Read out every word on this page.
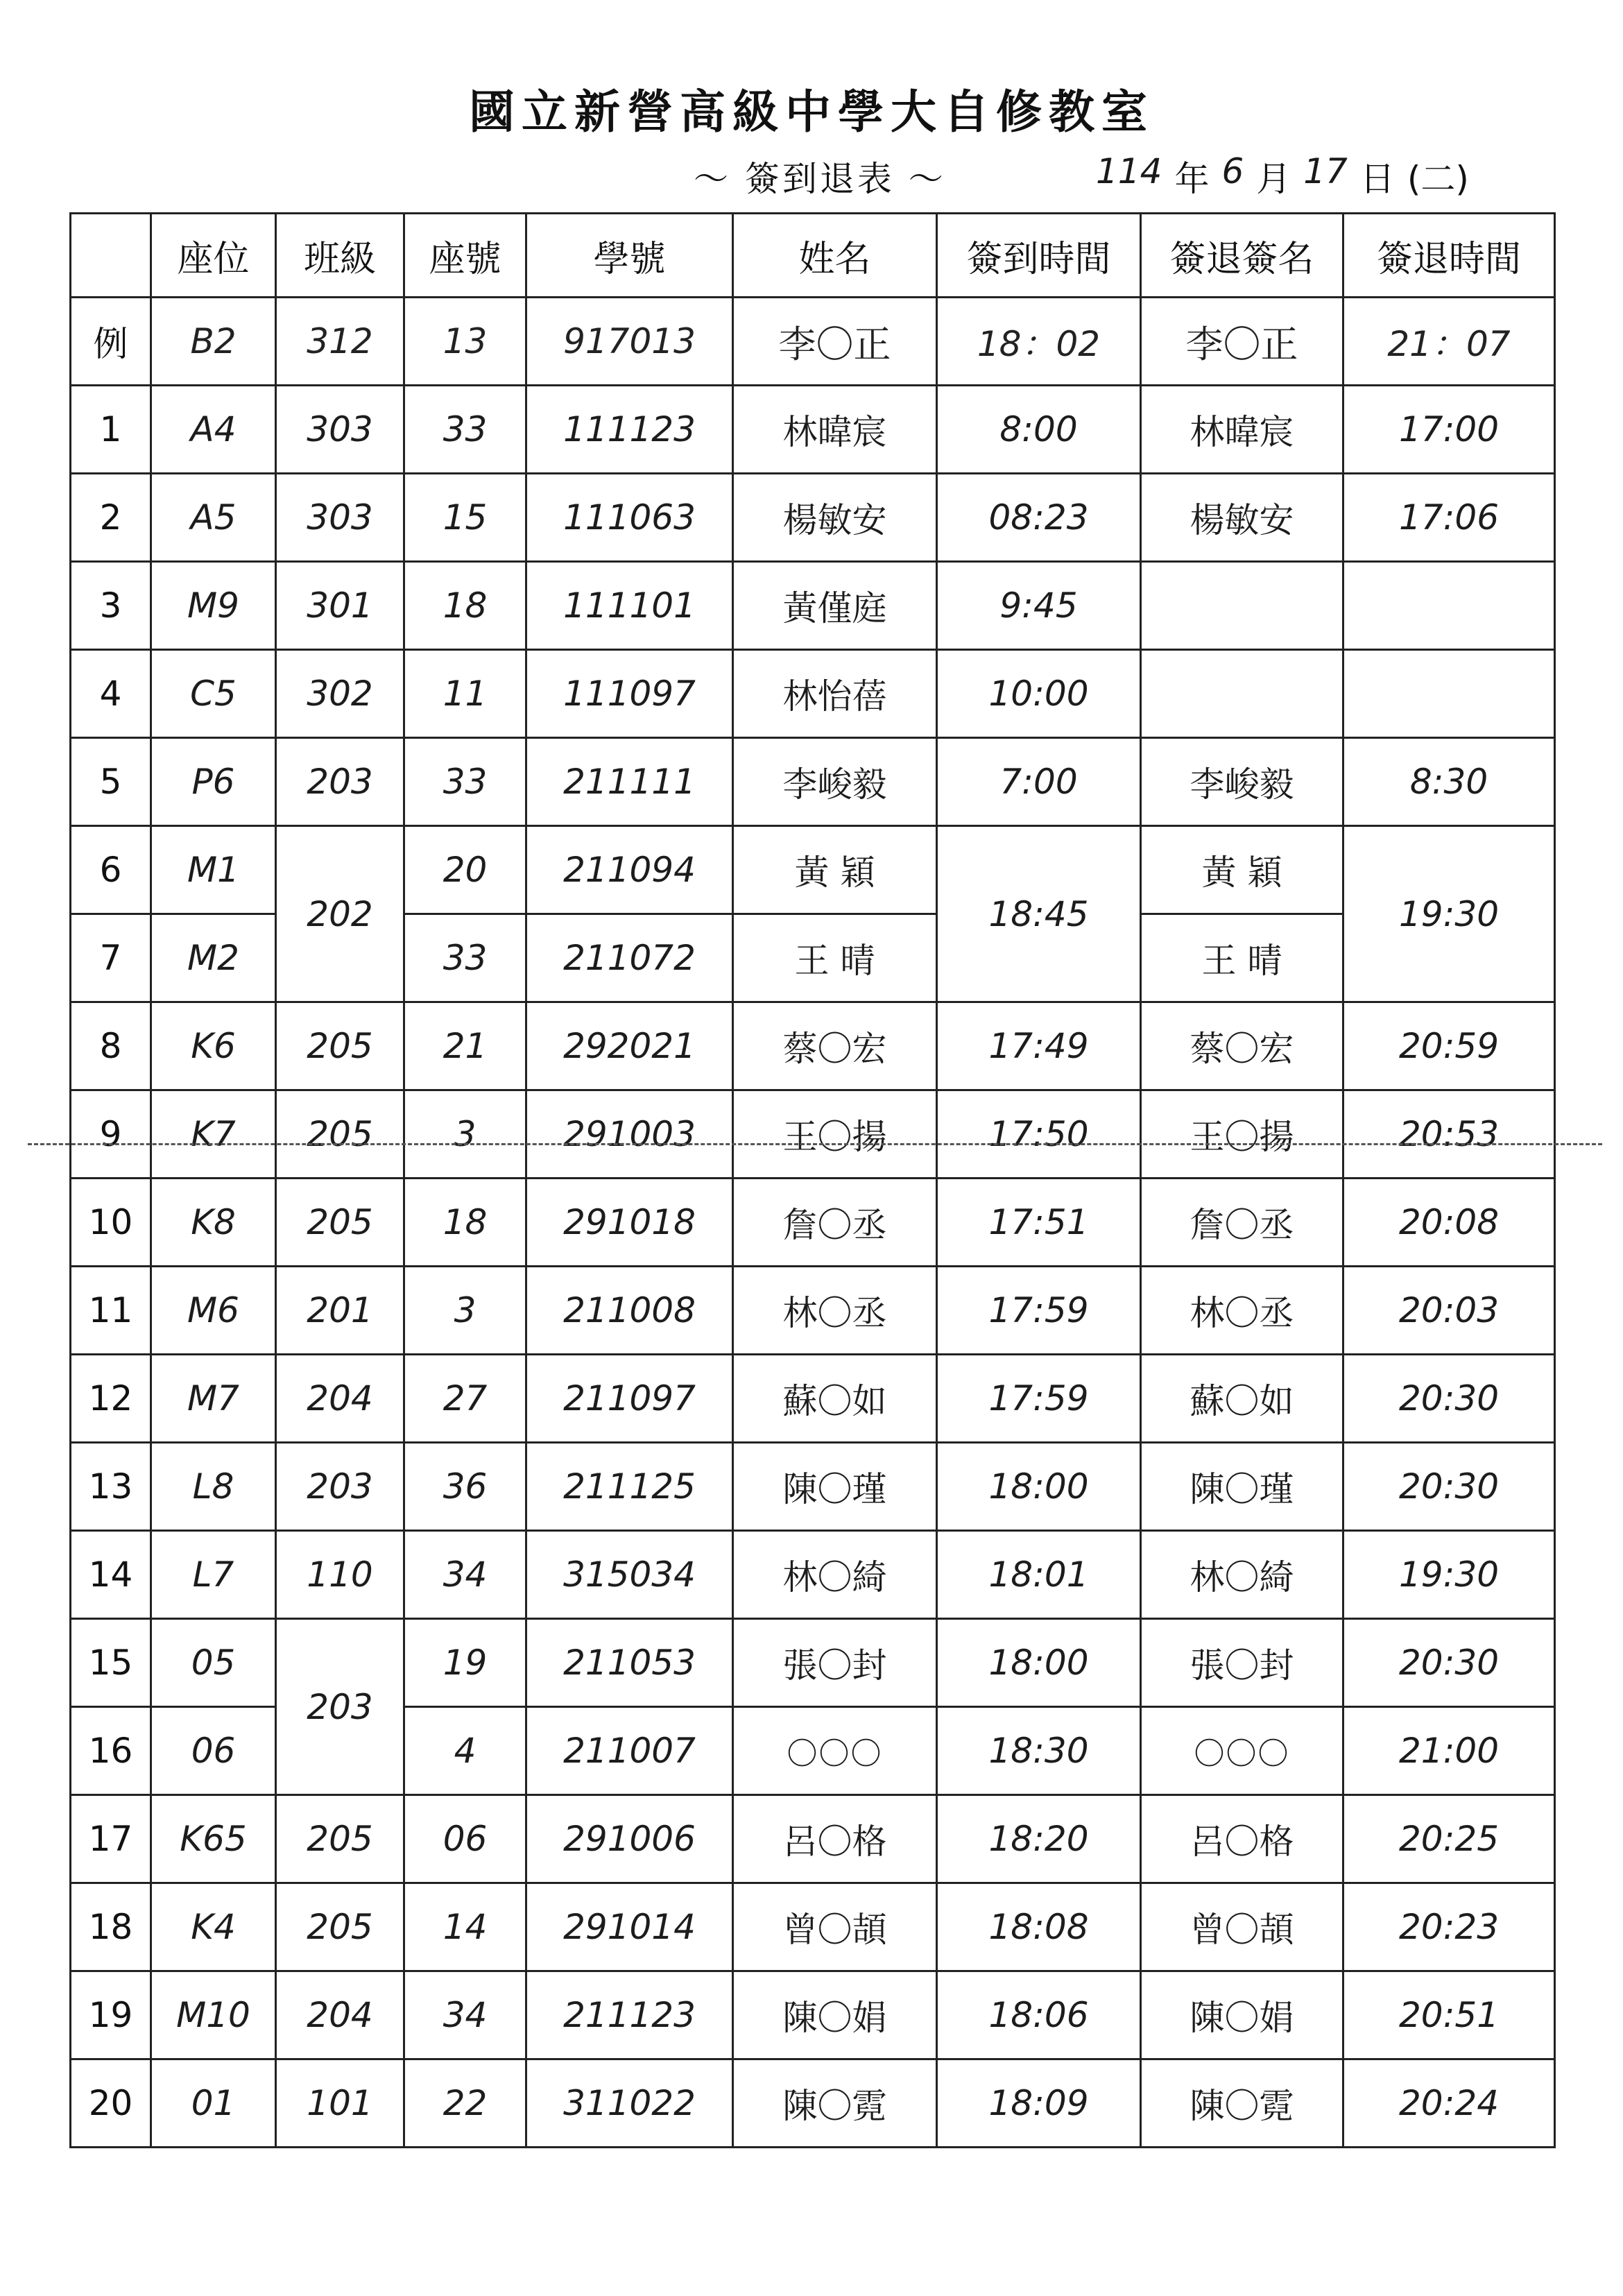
國立新營高級中學大自修教室
～ 簽到退表 ～	114 年 6 月 17 日 (二)
	座位	班級	座號	學號	姓名	簽到時間	簽退簽名	簽退時間
例	B2	312	13	917013	李〇正	18：02	李〇正	21：07
1	A4	303	33	111123	林暐宸	8:00	林暐宸	17:00
2	A5	303	15	111063	楊敏安	08:23	楊敏安	17:06
3	M9	301	18	111101	黃僅庭	9:45		
4	C5	302	11	111097	林怡蓓	10:00		
5	P6	203	33	211111	李峻毅	7:00	李峻毅	8:30
6	M1	202	20	211094	黃 穎	18:45	黃 穎	19:30
7	M2		33	211072	王 晴		王 晴	
8	K6	205	21	292021	蔡〇宏	17:49	蔡〇宏	20:59
9	K7	205	3	291003	王〇揚	17:50	王〇揚	20:53
10	K8	205	18	291018	詹〇丞	17:51	詹〇丞	20:08
11	M6	201	3	211008	林〇丞	17:59	林〇丞	20:03
12	M7	204	27	211097	蘇〇如	17:59	蘇〇如	20:30
13	L8	203	36	211125	陳〇瑾	18:00	陳〇瑾	20:30
14	L7	110	34	315034	林〇綺	18:01	林〇綺	19:30
15	05	203	19	211053	張〇封	18:00	張〇封	20:30
16	06		4	211007	〇〇〇	18:30	〇〇〇	21:00
17	K65	205	06	291006	呂〇格	18:20	呂〇格	20:25
18	K4	205	14	291014	曾〇頡	18:08	曾〇頡	20:23
19	M10	204	34	211123	陳〇娟	18:06	陳〇娟	20:51
20	01	101	22	311022	陳〇霓	18:09	陳〇霓	20:24
